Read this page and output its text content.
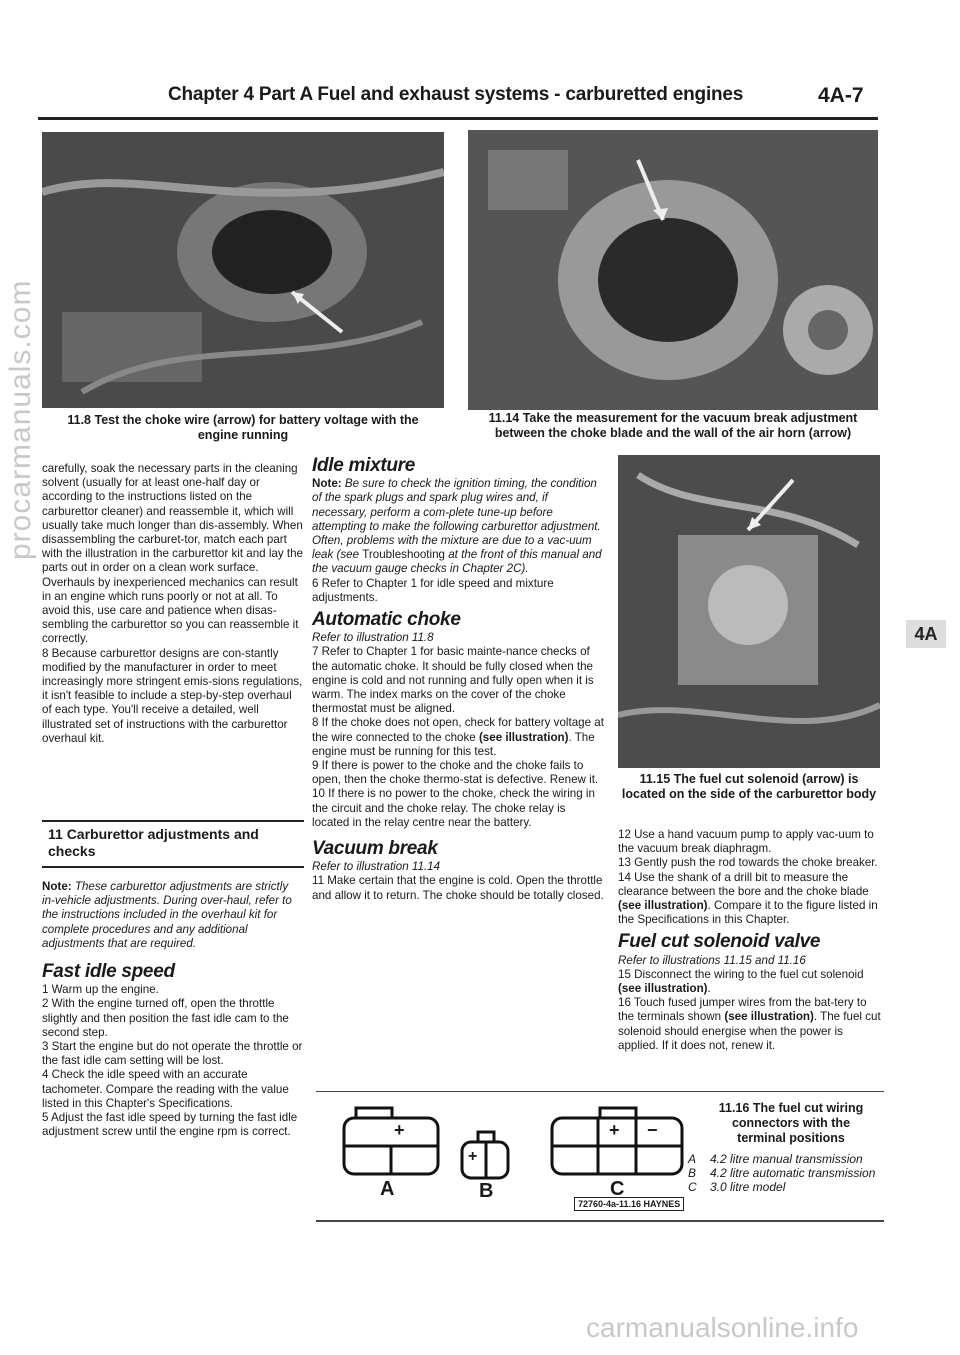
Chapter 4 Part A Fuel and exhaust systems - carburetted engines	4A-7
11.8 Test the choke wire (arrow) for battery voltage with the engine running
11.14 Take the measurement for the vacuum break adjustment between the choke blade and the wall of the air horn (arrow)
11.15 The fuel cut solenoid (arrow) is located on the side of the carburettor body

carefully, soak the necessary parts in the cleaning solvent (usually for at least one-half day or according to the instructions listed on the carburettor cleaner) and reassemble it, which will usually take much longer than dis-assembly. When disassembling the carburet-tor, match each part with the illustration in the carburettor kit and lay the parts out in order on a clean work surface. Overhauls by inexperienced mechanics can result in an engine which runs poorly or not at all. To avoid this, use care and patience when disas-sembling the carburettor so you can reassemble it correctly.

8 Because carburettor designs are con-stantly modified by the manufacturer in order to meet increasingly more stringent emis-sions regulations, it isn't feasible to include a step-by-step overhaul of each type. You'll receive a detailed, well illustrated set of instructions with the carburettor overhaul kit.

11 Carburettor adjustments and checks

Note: These carburettor adjustments are strictly in-vehicle adjustments. During over-haul, refer to the instructions included in the overhaul kit for complete procedures and any additional adjustments that are required.

Fast idle speed

1 Warm up the engine.

2 With the engine turned off, open the throttle slightly and then position the fast idle cam to the second step.

3 Start the engine but do not operate the throttle or the fast idle cam setting will be lost.

4 Check the idle speed with an accurate tachometer. Compare the reading with the value listed in this Chapter's Specifications.

5 Adjust the fast idle speed by turning the fast idle adjustment screw until the engine rpm is correct.

Idle mixture

Note: Be sure to check the ignition timing, the condition of the spark plugs and spark plug wires and, if necessary, perform a com-plete tune-up before attempting to make the following carburettor adjustment. Often, problems with the mixture are due to a vac-uum leak (see Troubleshooting at the front of this manual and the vacuum gauge checks in Chapter 2C).

6 Refer to Chapter 1 for idle speed and mixture adjustments.

Automatic choke

Refer to illustration 11.8

7 Refer to Chapter 1 for basic mainte-nance checks of the automatic choke. It should be fully closed when the engine is cold and not running and fully open when it is warm. The index marks on the cover of the choke thermostat must be aligned.

8 If the choke does not open, check for battery voltage at the wire connected to the choke (see illustration). The engine must be running for this test.

9 If there is power to the choke and the choke fails to open, then the choke thermo-stat is defective. Renew it.

10 If there is no power to the choke, check the wiring in the circuit and the choke relay. The choke relay is located in the relay centre near the battery.

Vacuum break

Refer to illustration 11.14

11 Make certain that the engine is cold. Open the throttle and allow it to return. The choke should be totally closed.

12 Use a hand vacuum pump to apply vac-uum to the vacuum break diaphragm.

13 Gently push the rod towards the choke breaker.

14 Use the shank of a drill bit to measure the clearance between the bore and the choke blade (see illustration). Compare it to the figure listed in the Specifications in this Chapter.

Fuel cut solenoid valve

Refer to illustrations 11.15 and 11.16

15 Disconnect the wiring to the fuel cut solenoid (see illustration).

16 Touch fused jumper wires from the bat-tery to the terminals shown (see illustration). The fuel cut solenoid should energise when the power is applied. If it does not, renew it.

+
+
+ −
A	B	C
72760-4a-11.16 HAYNES
11.16 The fuel cut wiring connectors with the terminal positions
A	4.2 litre manual transmission
B	4.2 litre automatic transmission
C	3.0 litre model
4A
procarmanuals.com
carmanualsonline.info
